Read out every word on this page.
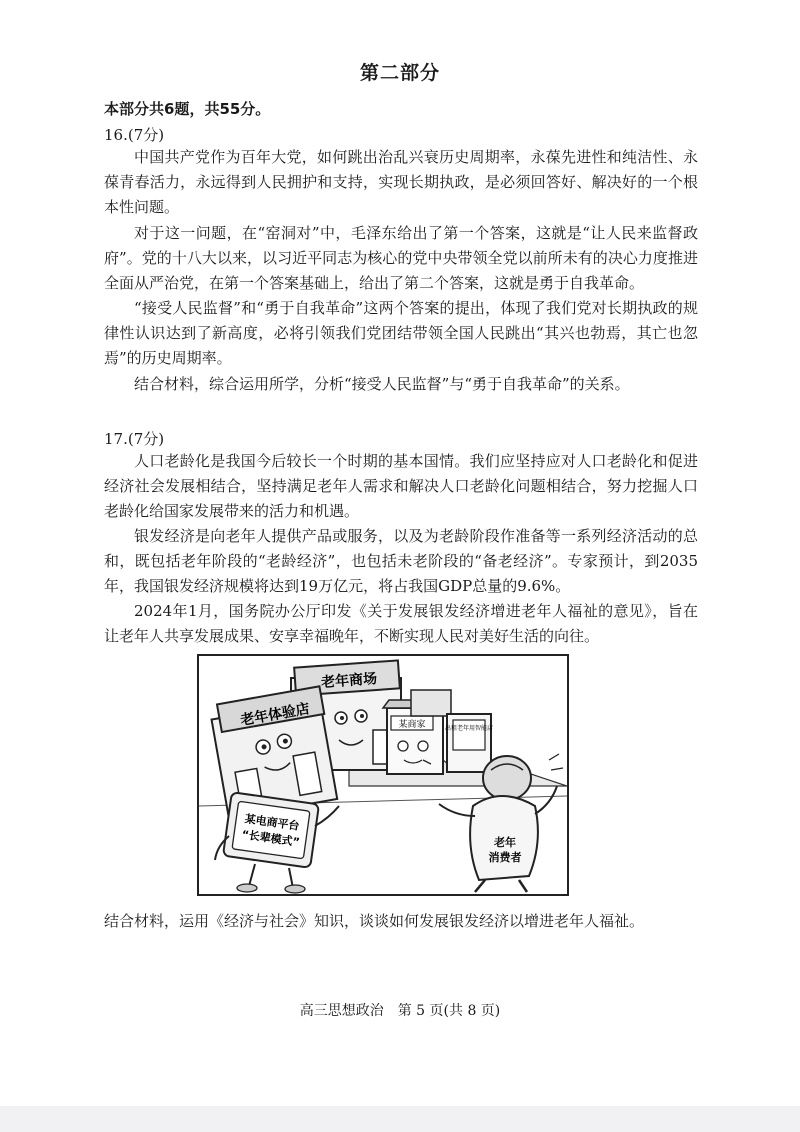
第二部分
本部分共6题，共55分。
16.(7分)
中国共产党作为百年大党，如何跳出治乱兴衰历史周期率，永葆先进性和纯洁性、永葆青春活力，永远得到人民拥护和支持，实现长期执政，是必须回答好、解决好的一个根本性问题。
对于这一问题，在“窑洞对”中，毛泽东给出了第一个答案，这就是“让人民来监督政府”。党的十八大以来，以习近平同志为核心的党中央带领全党以前所未有的决心力度推进全面从严治党，在第一个答案基础上，给出了第二个答案，这就是勇于自我革命。
“接受人民监督”和“勇于自我革命”这两个答案的提出，体现了我们党对长期执政的规律性认识达到了新高度，必将引领我们党团结带领全国人民跳出“其兴也勃焉，其亡也忽焉”的历史周期率。
结合材料，综合运用所学，分析“接受人民监督”与“勇于自我革命”的关系。
17.(7分)
人口老龄化是我国今后较长一个时期的基本国情。我们应坚持应对人口老龄化和促进经济社会发展相结合，坚持满足老年人需求和解决人口老龄化问题相结合，努力挖掘人口老龄化给国家发展带来的活力和机遇。
银发经济是向老年人提供产品或服务，以及为老龄阶段作准备等一系列经济活动的总和，既包括老年阶段的“老龄经济”，也包括未老阶段的“备老经济”。专家预计，到2035年，我国银发经济规模将达到19万亿元，将占我国GDP总量的9.6%。
2024年1月，国务院办公厅印发《关于发展银发经济增进老年人福祉的意见》，旨在让老年人共享发展成果、安享幸福晚年，不断实现人民对美好生活的向往。
老年商场
某商家	出租老年用智能店
老年体验店
某电商平台
“长辈模式”	老年
消费者
结合材料，运用《经济与社会》知识，谈谈如何发展银发经济以增进老年人福祉。
高三思想政治　第 5 页(共 8 页)
